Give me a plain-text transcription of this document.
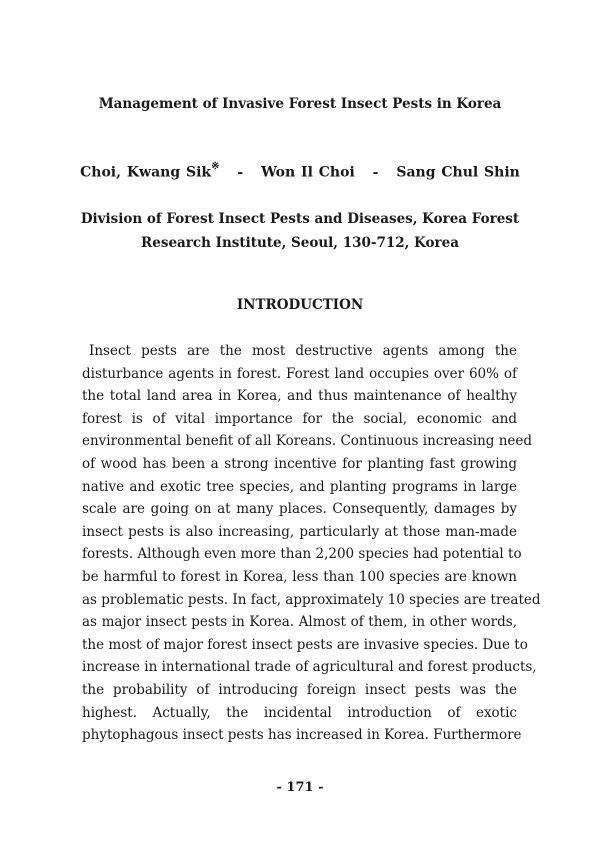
Management of Invasive Forest Insect Pests in Korea
Choi, Kwang Sik※ - Won Il Choi - Sang Chul Shin
Division of Forest Insect Pests and Diseases, Korea Forest
Research Institute, Seoul, 130-712, Korea
INTRODUCTION
Insect pests are the most destructive agents among the
disturbance agents in forest. Forest land occupies over 60% of
the total land area in Korea, and thus maintenance of healthy
forest is of vital importance for the social, economic and
environmental benefit of all Koreans. Continuous increasing need
of wood has been a strong incentive for planting fast growing
native and exotic tree species, and planting programs in large
scale are going on at many places. Consequently, damages by
insect pests is also increasing, particularly at those man-made
forests. Although even more than 2,200 species had potential to
be harmful to forest in Korea, less than 100 species are known
as problematic pests. In fact, approximately 10 species are treated
as major insect pests in Korea. Almost of them, in other words,
the most of major forest insect pests are invasive species. Due to
increase in international trade of agricultural and forest products,
the probability of introducing foreign insect pests was the
highest. Actually, the incidental introduction of exotic
phytophagous insect pests has increased in Korea. Furthermore
- 171 -
